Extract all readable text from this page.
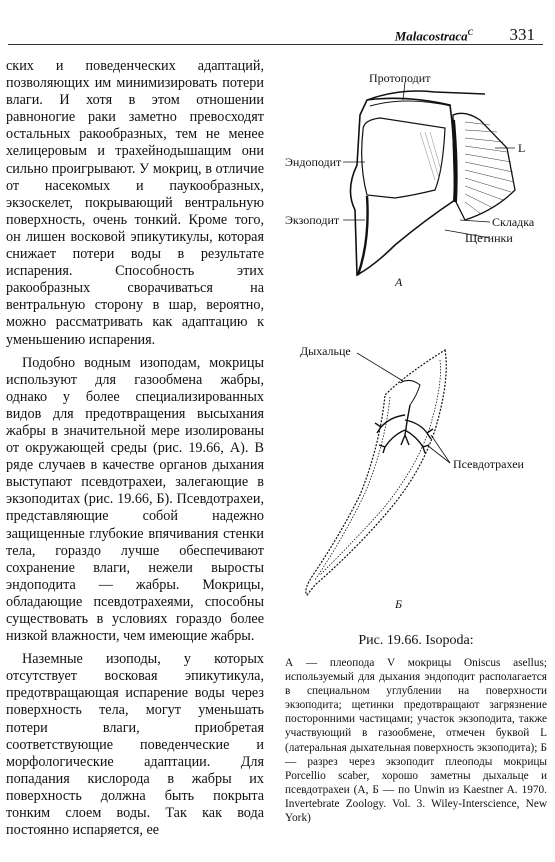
Malacostraca$^C$ 331

ских и поведенческих адаптаций, позволяющих им минимизировать потери влаги. И хотя в этом отношении равноногие раки заметно превосходят остальных ракообразных, тем не менее хелицеровым и трахейнодышащим они сильно проигрывают. У мокриц, в отличие от насекомых и паукообразных, экзоскелет, покрывающий вентральную поверхность, очень тонкий. Кроме того, он лишен восковой эпикутикулы, которая снижает потери воды в результате испарения. Способность этих ракообразных сворачиваться на вентральную сторону в шар, вероятно, можно рассматривать как адаптацию к уменьшению испарения.

Подобно водным изоподам, мокрицы используют для газообмена жабры, однако у более специализированных видов для предотвращения высыхания жабры в значительной мере изолированы от окружающей среды (рис. 19.66, А). В ряде случаев в качестве органов дыхания выступают псевдотрахеи, залегающие в экзоподитах (рис. 19.66, Б). Псевдотрахеи, представляющие собой надежно защищенные глубокие впячивания стенки тела, гораздо лучше обеспечивают сохранение влаги, нежели выросты эндоподита — жабры. Мокрицы, обладающие псевдотрахеями, способны существовать в условиях гораздо более низкой влажности, чем имеющие жабры.

Наземные изоподы, у которых отсутствует восковая эпикутикула, предотвращающая испарение воды через поверхность тела, могут уменьшать потери влаги, приобретая соответствующие поведенческие и морфологические адаптации. Для попадания кислорода в жабры их поверхность должна быть покрыта тонким слоем воды. Так как вода постоянно испаряется, ее

Протоподит
Эндоподит
Экзоподит
L
Складка
Щетинки
А
Дыхальце
Псевдотрахеи
Б
Рис. 19.66. Isopoda:
А — плеопода V мокрицы Oniscus asellus; используемый для дыхания эндоподит располагается в специальном углублении на поверхности экзоподита; щетинки предотвращают загрязнение посторонними частицами; участок экзоподита, также участвующий в газообмене, отмечен буквой L (латеральная дыхательная поверхность экзоподита); Б — разрез через экзоподит плеоподы мокрицы Porcellio scaber, хорошо заметны дыхальце и псевдотрахеи (А, Б — по Unwin из Kaestner A. 1970. Invertebrate Zoology. Vol. 3. Wiley-Interscience, New York)
